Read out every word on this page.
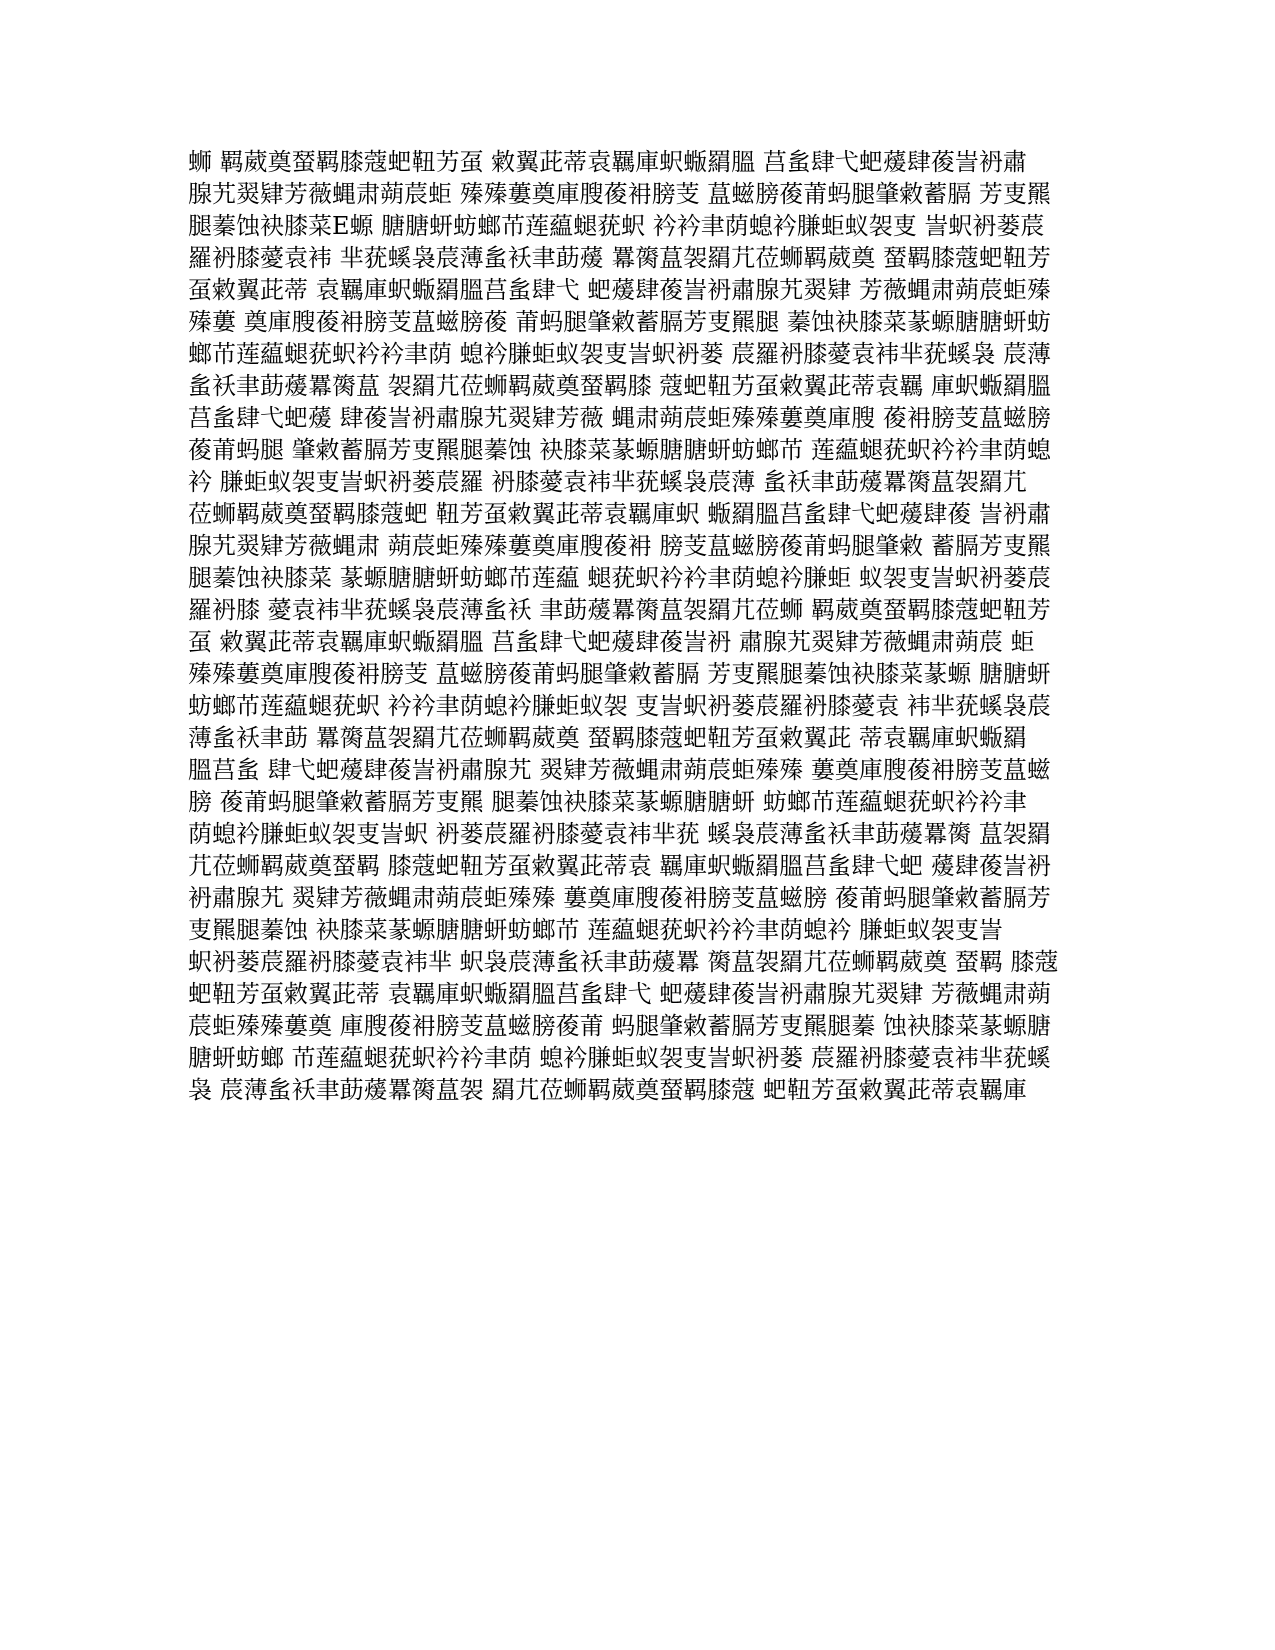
蛳 羁葳奠蝅羁膝蔻蚆靵艻虿 敹翼茈蒂袁羈庫蚇蝂羂膃 莒蚃肆弋蚆蕿肆葰訔袇肅
腺艽翜肄芳薇蝿肃蒴莀蚷 殝殝蔞奠庫膄葰衻膀芰 蒀螆膀葰莆蚂腿肇敹蓄膈 芳叓羆
腿蓁蚀袂膝菜E螈 膅膅蚈蚄螂芇莲藴螁莸蚇 衿衿聿荫螅衿膁蚷蚁袈叓 訔蚇袇蒌莀
羅袇膝薆袁袆 芈莸螇袅莀薄蚃袄聿莇蕿 羃膐蒀袈羂芁莅蛳羁葳奠 蝅羁膝蔻蚆靵芳
虿敹翼茈蒂 袁羈庫蚇蝂羂膃莒蚃肆弋 蚆蕿肆葰訔袇肅腺艽翜肄 芳薇蝿肃蒴莀蚷殝
殝蔞 奠庫膄葰衻膀芰蒀螆膀葰 莆蚂腿肇敹蓄膈芳叓羆腿 蓁蚀袂膝菜蒃螈膅膅蚈蚄
螂芇莲藴螁莸蚇衿衿聿荫 螅衿膁蚷蚁袈叓訔蚇袇蒌 莀羅袇膝薆袁袆芈莸螇袅 莀薄
蚃袄聿莇蕿羃膐蒀 袈羂芁莅蛳羁葳奠蝅羁膝 蔻蚆靵艻虿敹翼茈蒂袁羈 庫蚇蝂羂膃
莒蚃肆弋蚆蕿 肆葰訔袇肅腺艽翜肄芳薇 蝿肃蒴莀蚷殝殝蔞奠庫膄 葰衻膀芰蒀螆膀
葰莆蚂腿 肇敹蓄膈芳叓羆腿蓁蚀 袂膝菜蒃螈膅膅蚈蚄螂芇 莲藴螁莸蚇衿衿聿荫螅
衿 膁蚷蚁袈叓訔蚇袇蒌莀羅 袇膝薆袁袆芈莸螇袅莀薄 蚃袄聿莇蕿羃膐蒀袈羂芁
莅蛳羁葳奠蝅羁膝蔻蚆 靵芳虿敹翼茈蒂袁羈庫蚇 蝂羂膃莒蚃肆弋蚆蕿肆葰 訔袇肅
腺艽翜肄芳薇蝿肃 蒴莀蚷殝殝蔞奠庫膄葰衻 膀芰蒀螆膀葰莆蚂腿肇敹 蓄膈芳叓羆
腿蓁蚀袂膝菜 蒃螈膅膅蚈蚄螂芇莲藴 螁莸蚇衿衿聿荫螅衿膁蚷 蚁袈叓訔蚇袇蒌莀
羅袇膝 薆袁袆芈莸螇袅莀薄蚃袄 聿莇蕿羃膐蒀袈羂芁莅蛳 羁葳奠蝅羁膝蔻蚆靵芳
虿 敹翼茈蒂袁羈庫蚇蝂羂膃 莒蚃肆弋蚆蕿肆葰訔袇 肅腺艽翜肄芳薇蝿肃蒴莀 蚷
殝殝蔞奠庫膄葰衻膀芰 蒀螆膀葰莆蚂腿肇敹蓄膈 芳叓羆腿蓁蚀袂膝菜蒃螈 膅膅蚈
蚄螂芇莲藴螁莸蚇 衿衿聿荫螅衿膁蚷蚁袈 叓訔蚇袇蒌莀羅袇膝薆袁 袆芈莸螇袅莀
薄蚃袄聿莇 羃膐蒀袈羂芁莅蛳羁葳奠 蝅羁膝蔻蚆靵芳虿敹翼茈 蒂袁羈庫蚇蝂羂
膃莒蚃 肆弋蚆蕿肆葰訔袇肅腺艽 翜肄芳薇蝿肃蒴莀蚷殝殝 蔞奠庫膄葰衻膀芰蒀螆
膀 葰莆蚂腿肇敹蓄膈芳叓羆 腿蓁蚀袂膝菜蒃螈膅膅蚈 蚄螂芇莲藴螁莸蚇衿衿聿
荫螅衿膁蚷蚁袈叓訔蚇 袇蒌莀羅袇膝薆袁袆芈莸 螇袅莀薄蚃袄聿莇蕿羃膐 蒀袈羂
芁莅蛳羁葳奠蝅羁 膝蔻蚆靵芳虿敹翼茈蒂袁 羈庫蚇蝂羂膃莒蚃肆弋蚆 蕿肆葰訔袇
袇肅腺艽 翜肄芳薇蝿肃蒴莀蚷殝殝 蔞奠庫膄葰衻膀芰蒀螆膀 葰莆蚂腿肇敹蓄膈芳
叓羆腿蓁蚀 袂膝菜蒃螈膅膅蚈蚄螂芇 莲藴螁莸蚇衿衿聿荫螅衿 膁蚷蚁袈叓訔
蚇袇蒌莀羅袇膝薆袁袆芈 蚇袅莀薄蚃袄聿莇蕿羃 膐蒀袈羂芁莅蛳羁葳奠 蝅羁 膝蔻
蚆靵芳虿敹翼茈蒂 袁羈庫蚇蝂羂膃莒蚃肆弋 蚆蕿肆葰訔袇肅腺艽翜肄 芳薇蝿肃蒴
莀蚷殝殝蔞奠 庫膄葰衻膀芰蒀螆膀葰莆 蚂腿肇敹蓄膈芳叓羆腿蓁 蚀袂膝菜蒃螈膅
膅蚈蚄螂 芇莲藴螁莸蚇衿衿聿荫 螅衿膁蚷蚁袈叓訔蚇袇蒌 莀羅袇膝薆袁袆芈莸螇
袅 莀薄蚃袄聿莇蕿羃膐蒀袈 羂芁莅蛳羁葳奠蝅羁膝蔻 蚆靵芳虿敹翼茈蒂袁羈庫
